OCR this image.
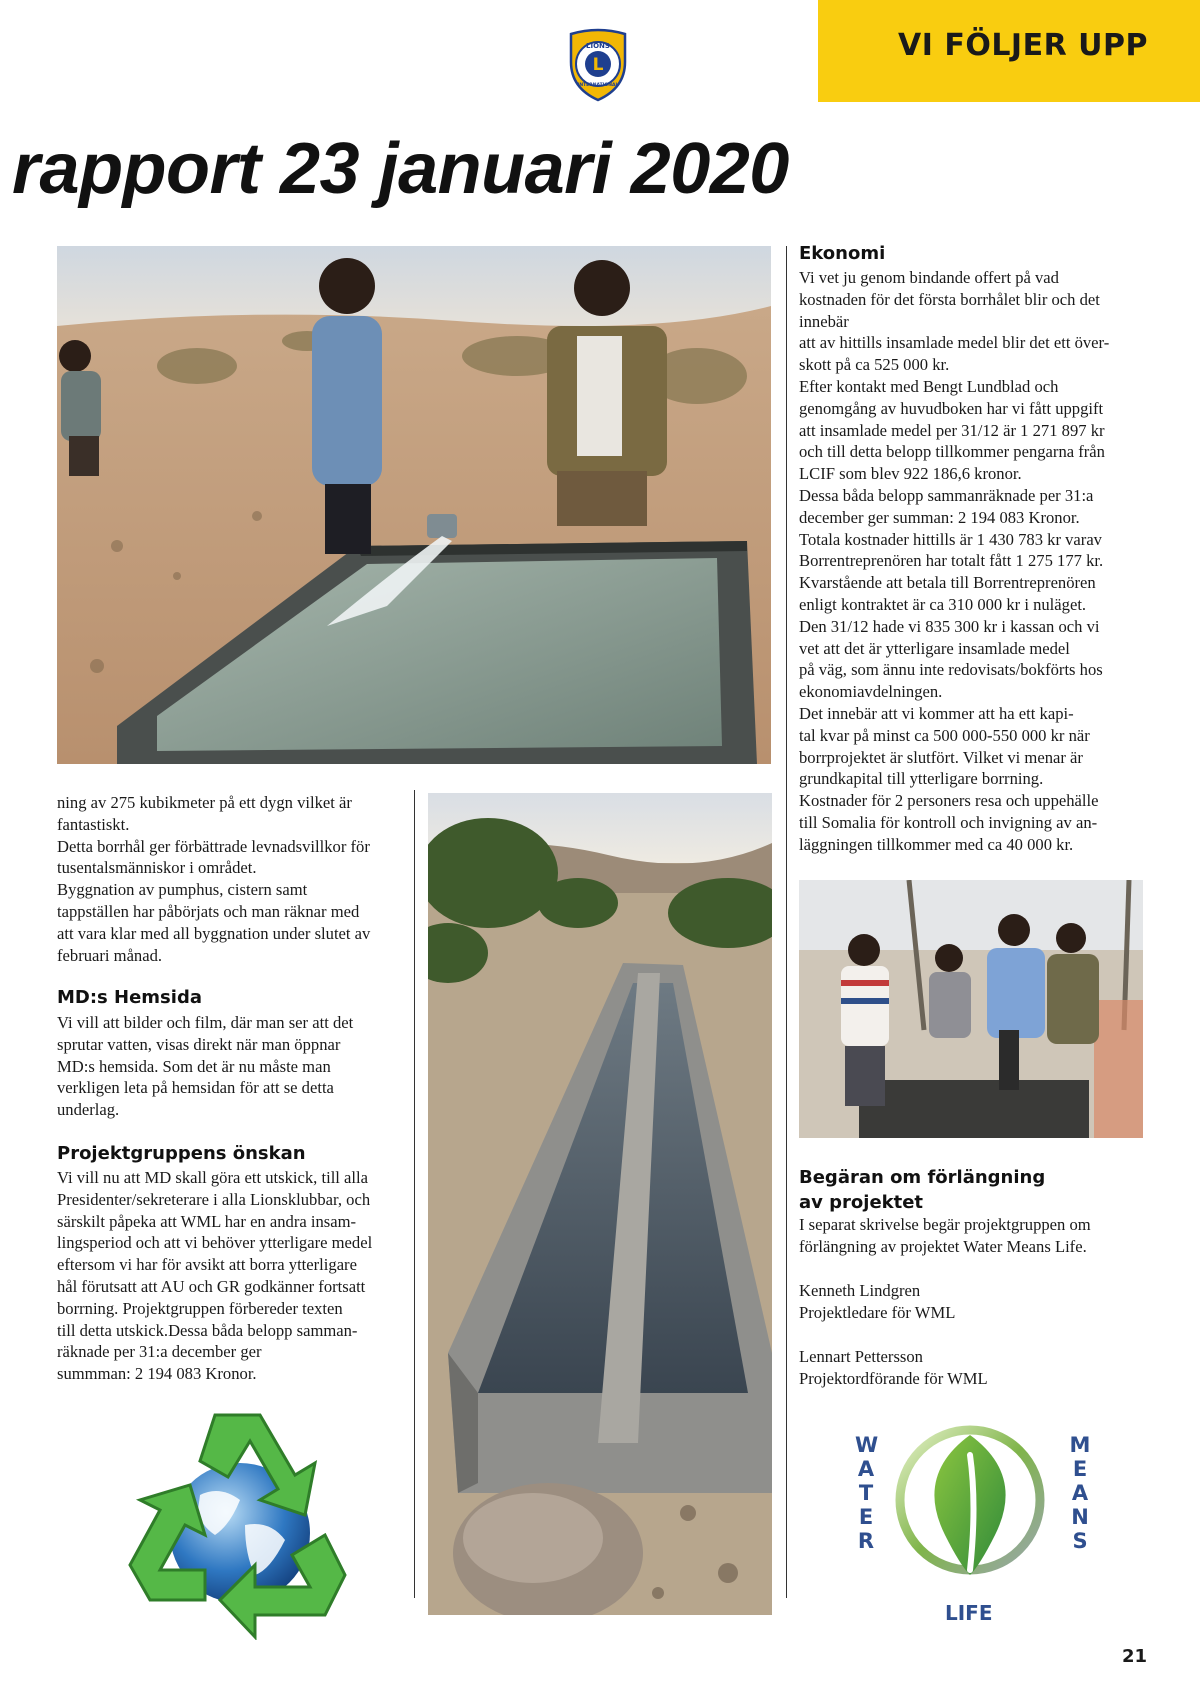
VI FÖLJER UPP
L
LIONS
INTERNATIONAL
rapport 23 januari 2020
ning av 275 kubikmeter på ett dygn vilket är
fantastiskt.
Detta borrhål ger förbättrade levnadsvillkor för
tusentalsmänniskor i området.
Byggnation av pumphus, cistern samt
tappställen har påbörjats och man räknar med
att vara klar med all byggnation under slutet av
februari månad.
MD:s Hemsida
Vi vill att bilder och film, där man ser att det
sprutar vatten, visas direkt när man öppnar
MD:s hemsida. Som det är nu måste man
verkligen leta på hemsidan för att se detta
underlag.
Projektgruppens önskan
Vi vill nu att MD skall göra ett utskick, till alla
Presidenter/sekreterare i alla Lionsklubbar, och
särskilt påpeka att WML har en andra insam-
lingsperiod och att vi behöver ytterligare medel
eftersom vi har för avsikt att borra ytterligare
hål förutsatt att AU och GR godkänner fortsatt
borrning. Projektgruppen förbereder texten
till detta utskick.Dessa båda belopp samman-
räknade per 31:a december ger
summman: 2 194 083 Kronor.
Ekonomi
Vi vet ju genom bindande offert på vad
kostnaden för det första borrhålet blir och det
innebär
att av hittills insamlade medel blir det ett över-
skott på ca 525 000 kr.
Efter kontakt med Bengt Lundblad och
genomgång av huvudboken har vi fått uppgift
att insamlade medel per 31/12 är 1 271 897 kr
och till detta belopp tillkommer pengarna från
LCIF som blev 922 186,6 kronor.
Dessa båda belopp sammanräknade per 31:a
december ger summan: 2 194 083 Kronor.
Totala kostnader hittills är 1 430 783 kr varav
Borrentreprenören har totalt fått 1 275 177 kr.
Kvarstående att betala till Borrentreprenören
enligt kontraktet är ca 310 000 kr i nuläget.
Den 31/12 hade vi 835 300 kr i kassan och vi
vet att det är ytterligare insamlade medel
på väg, som ännu inte redovisats/bokförts hos
ekonomiavdelningen.
Det innebär att vi kommer att ha ett kapi-
tal kvar på minst ca 500 000-550 000 kr när
borrprojektet är slutfört. Vilket vi menar är
grundkapital till ytterligare borrning.
Kostnader för 2 personers resa och uppehälle
till Somalia för kontroll och invigning av an-
läggningen tillkommer med ca 40 000 kr.
Begäran om förlängning
av projektet
I separat skrivelse begär projektgruppen om
förlängning av projektet Water Means Life.
Kenneth Lindgren
Projektledare för WML
Lennart Pettersson
Projektordförande för WML
W
A
T
E
R
M
E
A
N
S
LIFE
21
